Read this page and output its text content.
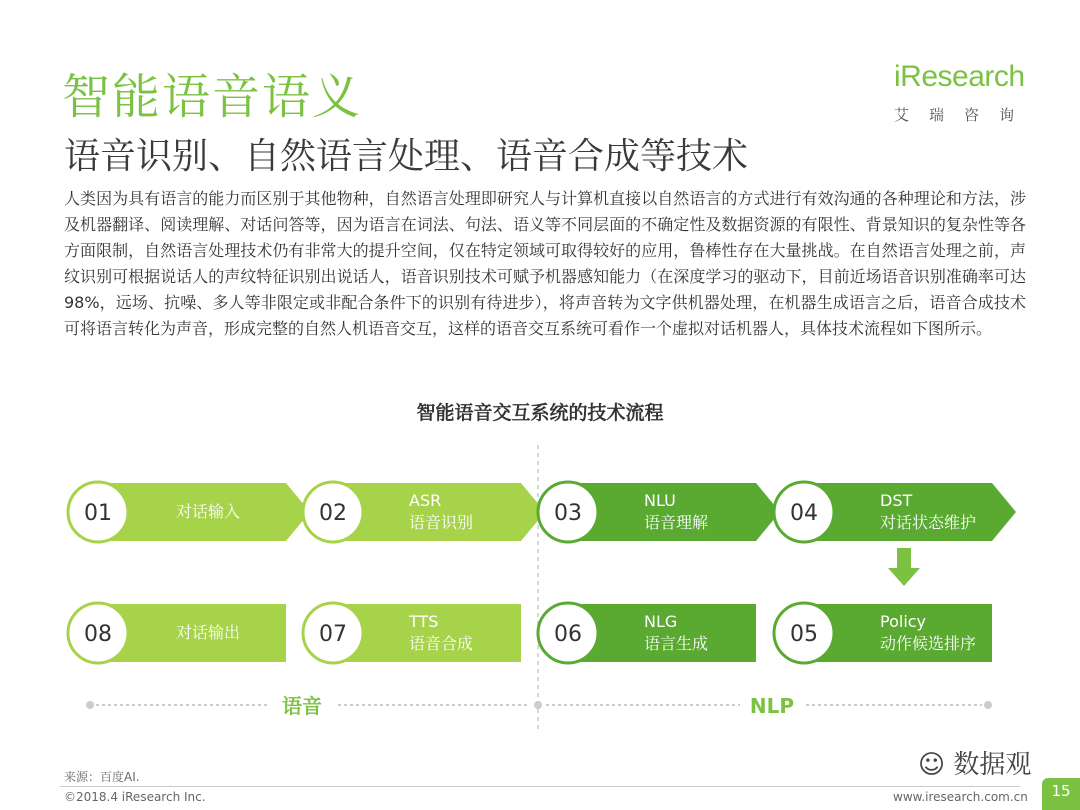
智能语音语义
语音识别、自然语言处理、语音合成等技术
iResearch
艾瑞咨询
人类因为具有语言的能力而区别于其他物种，自然语言处理即研究人与计算机直接以自然语言的方式进行有效沟通的各种理论和方法，涉及机器翻译、阅读理解、对话问答等，因为语言在词法、句法、语义等不同层面的不确定性及数据资源的有限性、背景知识的复杂性等各方面限制，自然语言处理技术仍有非常大的提升空间，仅在特定领域可取得较好的应用，鲁棒性存在大量挑战。在自然语言处理之前，声纹识别可根据说话人的声纹特征识别出说话人，语音识别技术可赋予机器感知能力（在深度学习的驱动下，目前近场语音识别准确率可达98%，远场、抗噪、多人等非限定或非配合条件下的识别有待进步），将声音转为文字供机器处理，在机器生成语言之后，语音合成技术可将语言转化为声音，形成完整的自然人机语音交互，这样的语音交互系统可看作一个虚拟对话机器人，具体技术流程如下图所示。
智能语音交互系统的技术流程
对话输入
ASR
语音识别
NLU
语音理解
DST
对话状态维护
Policy
动作候选排序
NLG
语言生成
TTS
语音合成
对话输出
01	02	03	04
05
06
07
08
语音	NLP
来源：百度AI.
©2018.4 iResearch Inc.	www.iresearch.com.cn
☺ 数据观
15
